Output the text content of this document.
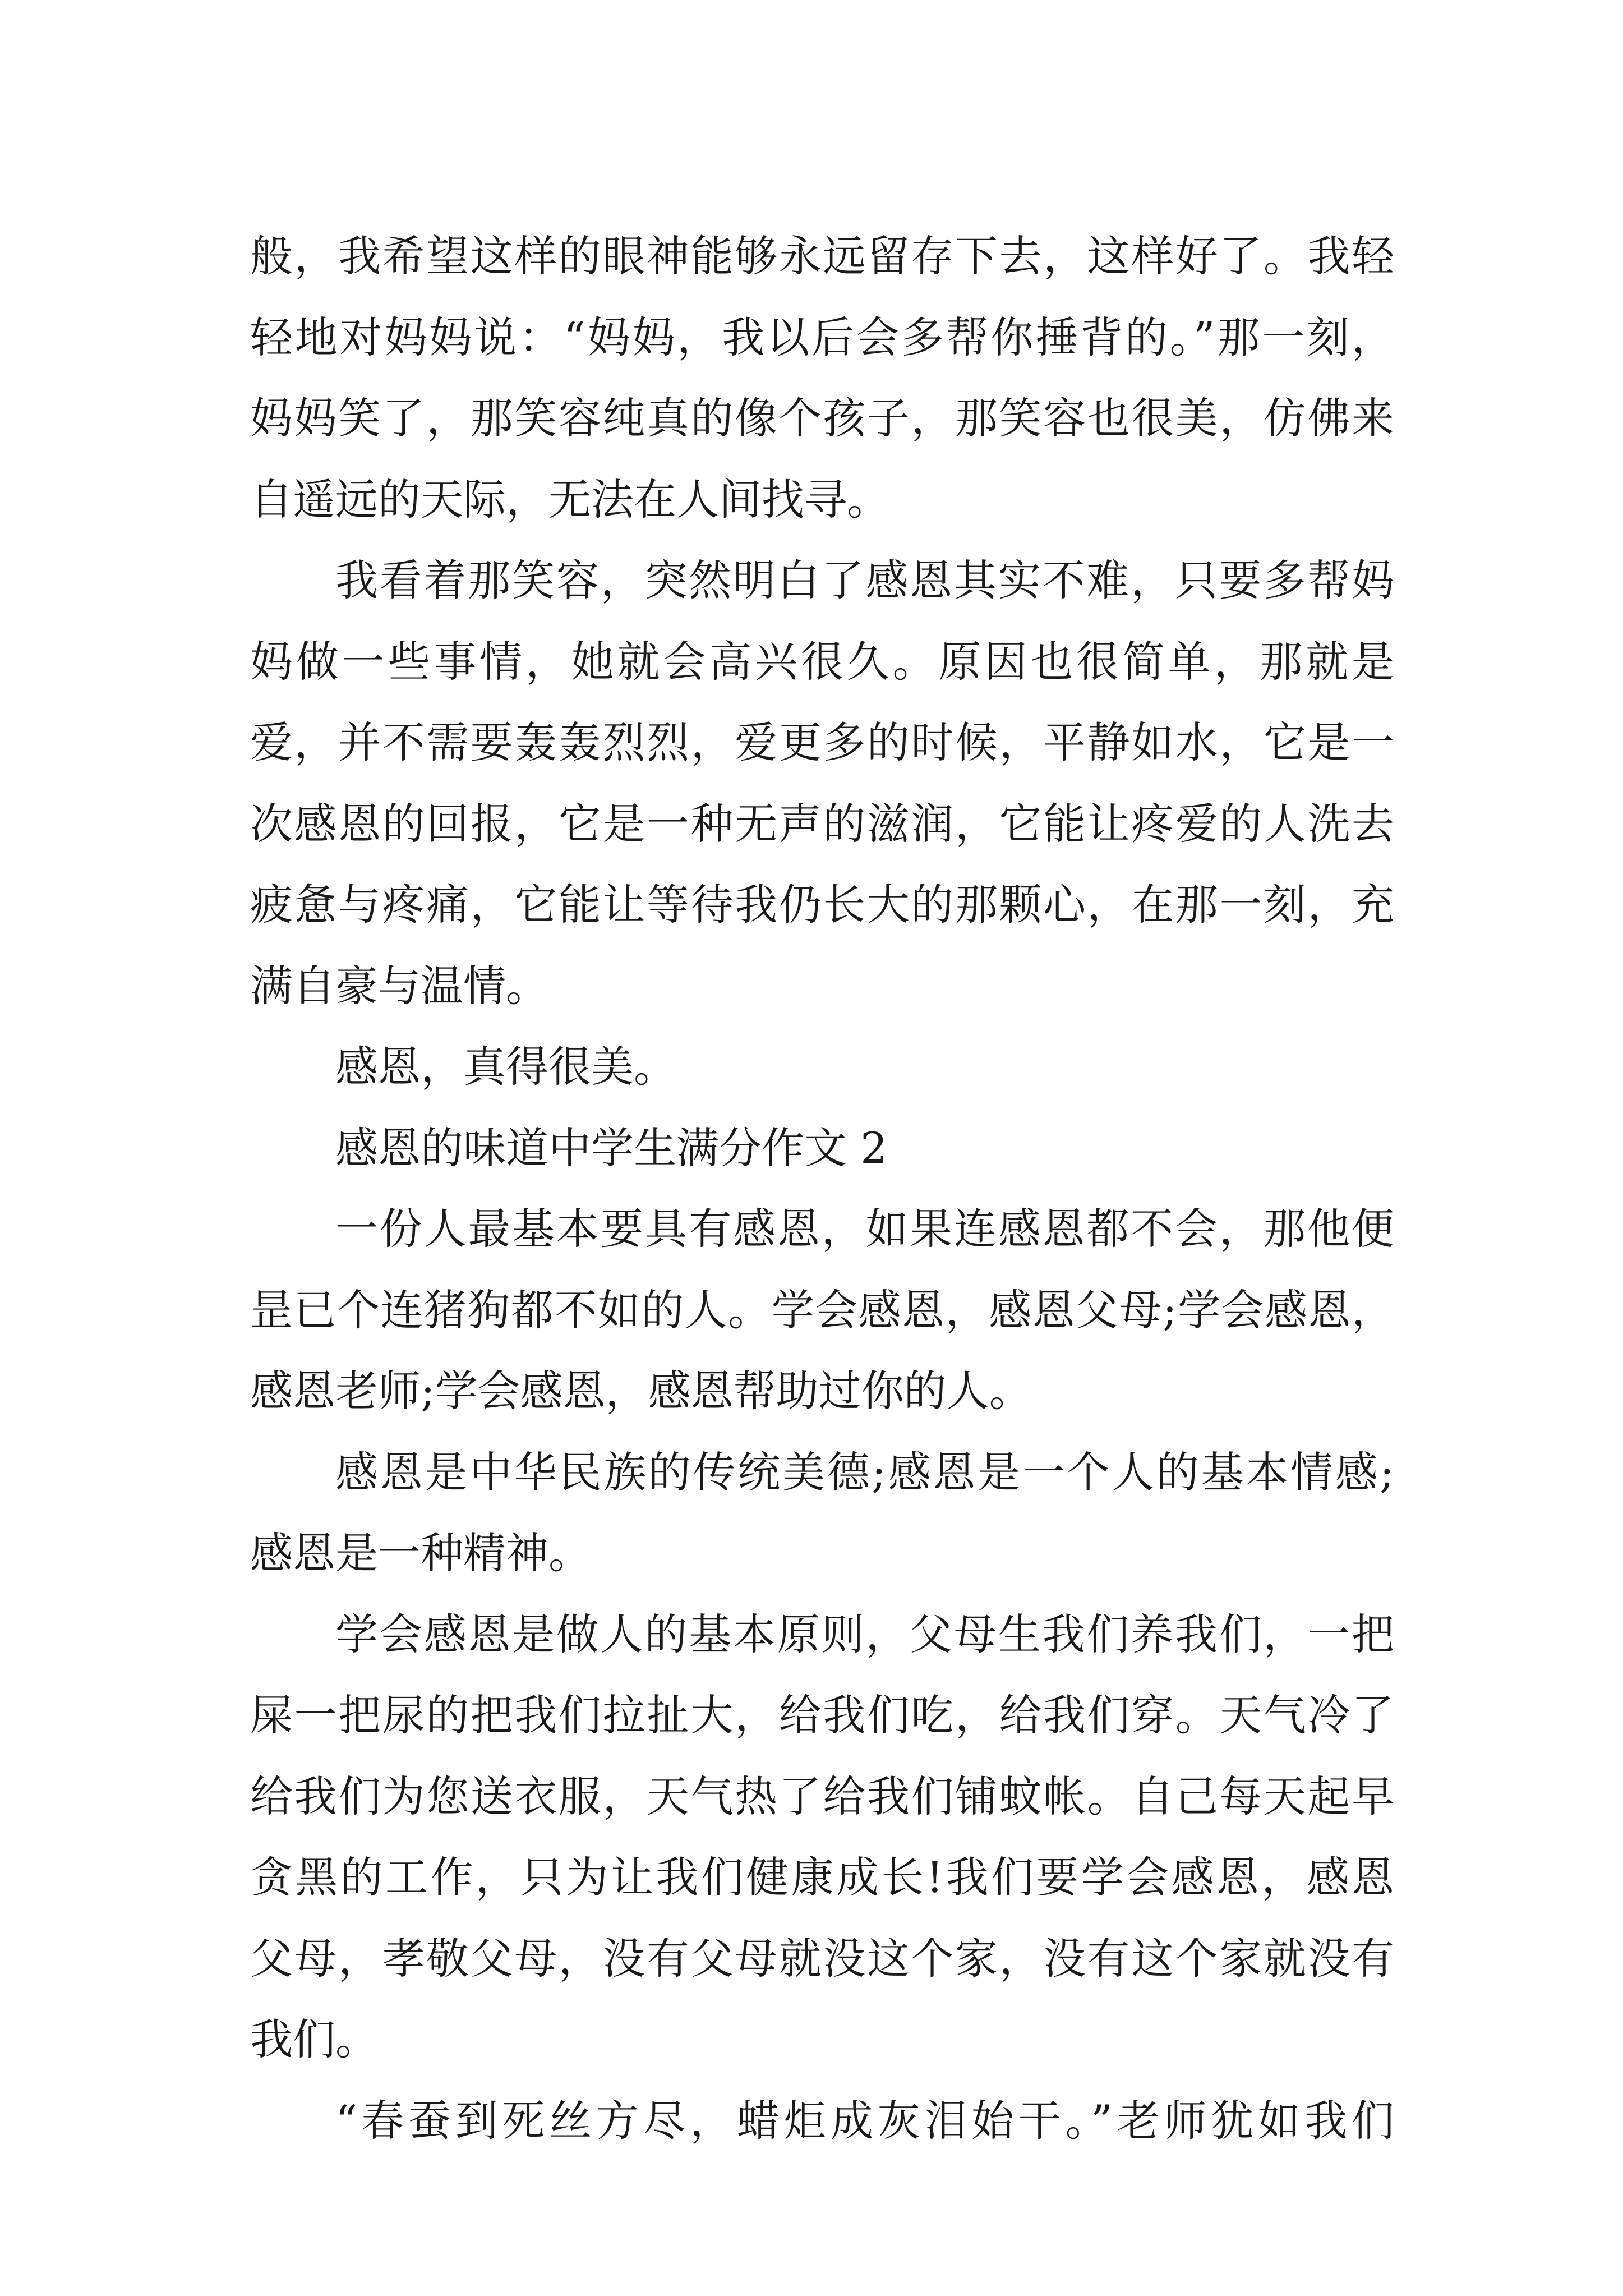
般，我希望这样的眼神能够永远留存下去，这样好了。我轻
轻地对妈妈说：“妈妈，我以后会多帮你捶背的。”那一刻，
妈妈笑了，那笑容纯真的像个孩子，那笑容也很美，仿佛来
自遥远的天际，无法在人间找寻。
我看着那笑容，突然明白了感恩其实不难，只要多帮妈
妈做一些事情，她就会高兴很久。原因也很简单，那就是
爱，并不需要轰轰烈烈，爱更多的时候，平静如水，它是一
次感恩的回报，它是一种无声的滋润，它能让疼爱的人洗去
疲惫与疼痛，它能让等待我仍长大的那颗心，在那一刻，充
满自豪与温情。
感恩，真得很美。
感恩的味道中学生满分作文 2
一份人最基本要具有感恩，如果连感恩都不会，那他便
昰已个连猪狗都不如的人。学会感恩，感恩父母;学会感恩，
感恩老师;学会感恩，感恩帮助过你的人。
感恩是中华民族的传统美德;感恩是一个人的基本情感;
感恩是一种精神。
学会感恩是做人的基本原则，父母生我们养我们，一把
屎一把尿的把我们拉扯大，给我们吃，给我们穿。天气冷了
给我们为您送衣服，天气热了给我们铺蚊帐。自己每天起早
贪黑的工作，只为让我们健康成长!我们要学会感恩，感恩
父母，孝敬父母，没有父母就没这个家，没有这个家就没有
我们。
“春蚕到死丝方尽，蜡炬成灰泪始干。”老师犹如我们
